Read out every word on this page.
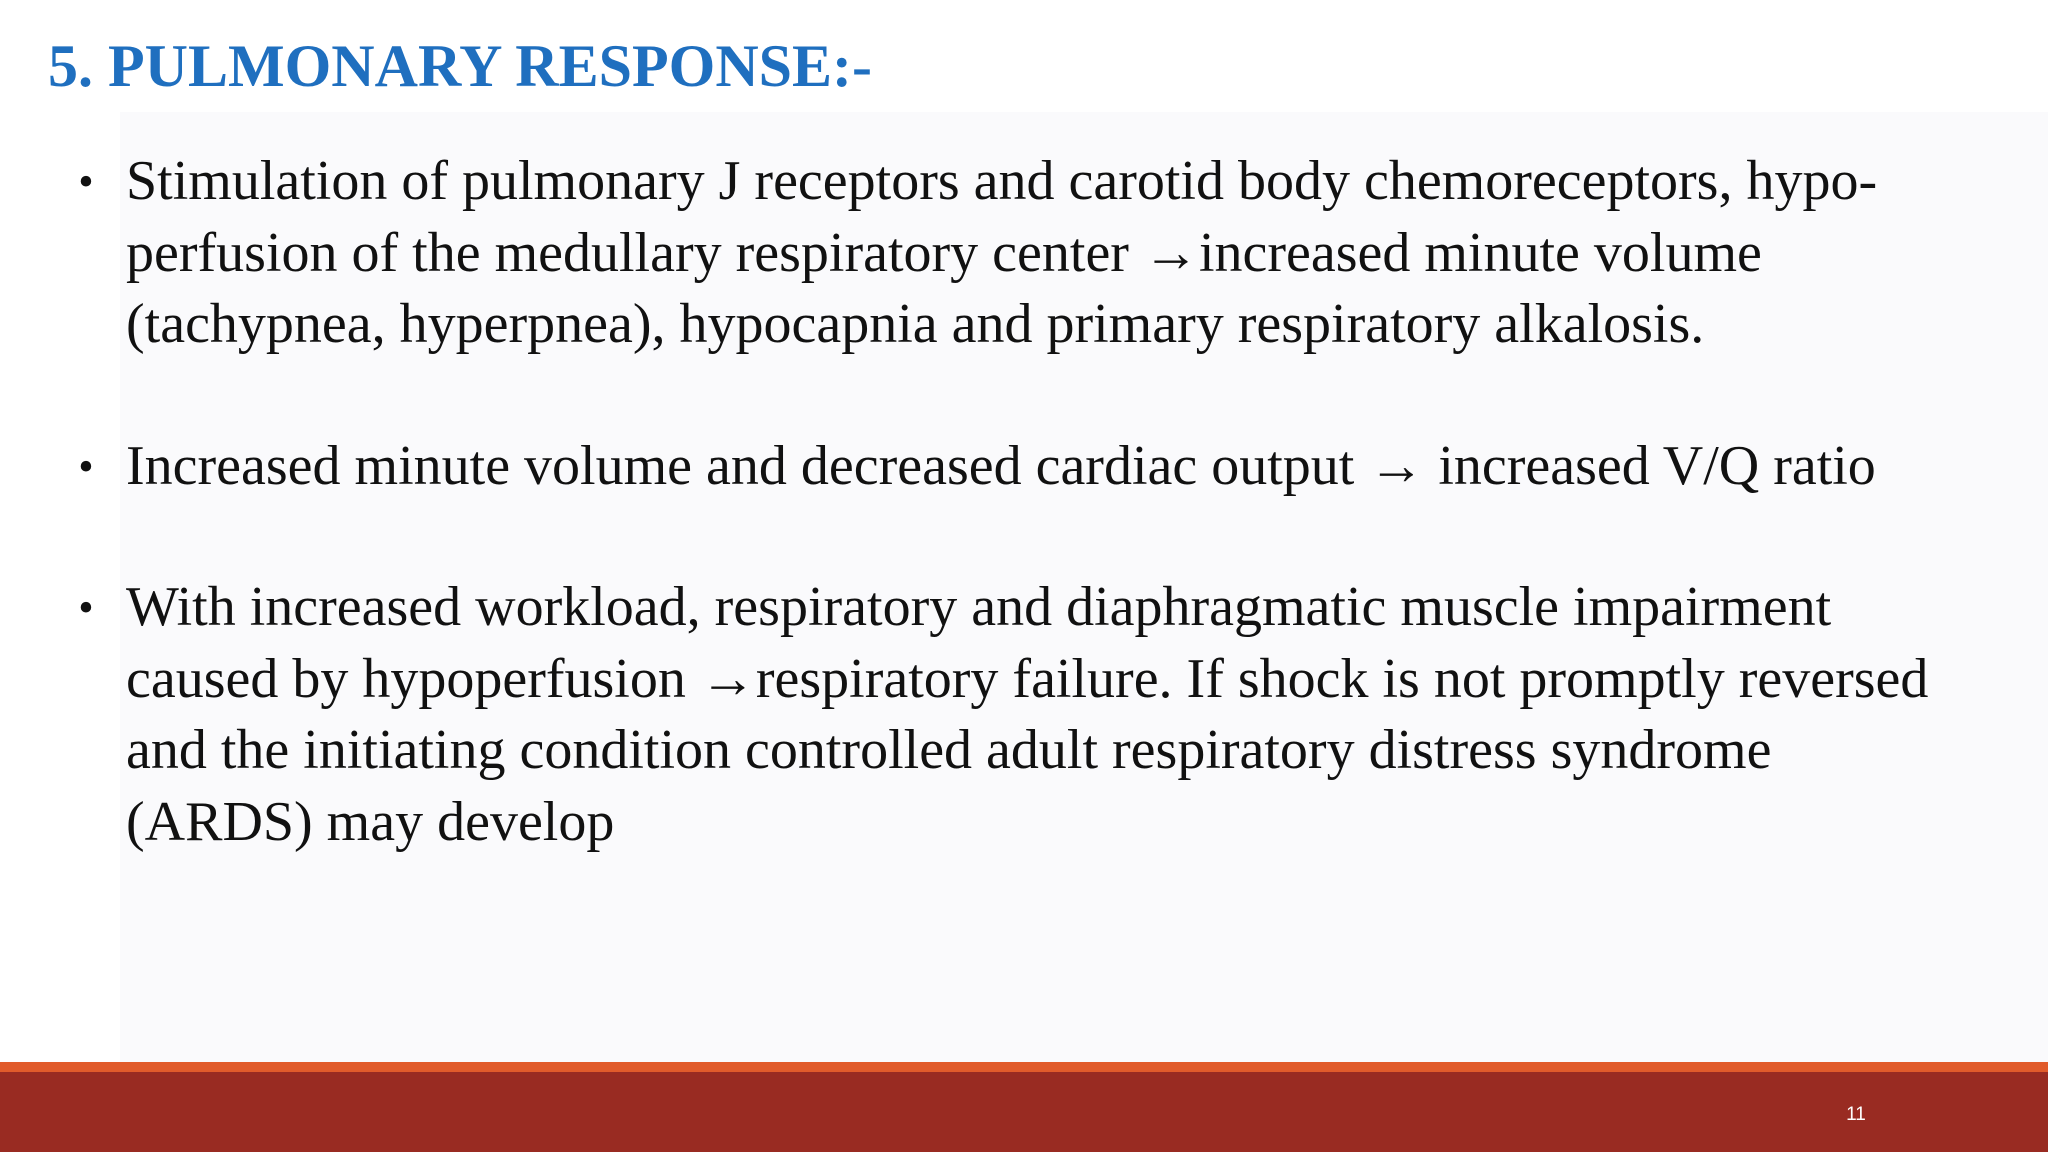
5. PULMONARY RESPONSE:-
• Stimulation of pulmonary J receptors and carotid body chemoreceptors, hypo-perfusion of the medullary respiratory center →increased minute volume (tachypnea, hyperpnea), hypocapnia and primary respiratory alkalosis.
• Increased minute volume and decreased cardiac output → increased V/Q ratio
• With increased workload, respiratory and diaphragmatic muscle impairment caused by hypoperfusion →respiratory failure. If shock is not promptly reversed and the initiating condition controlled adult respiratory distress syndrome (ARDS) may develop
11
